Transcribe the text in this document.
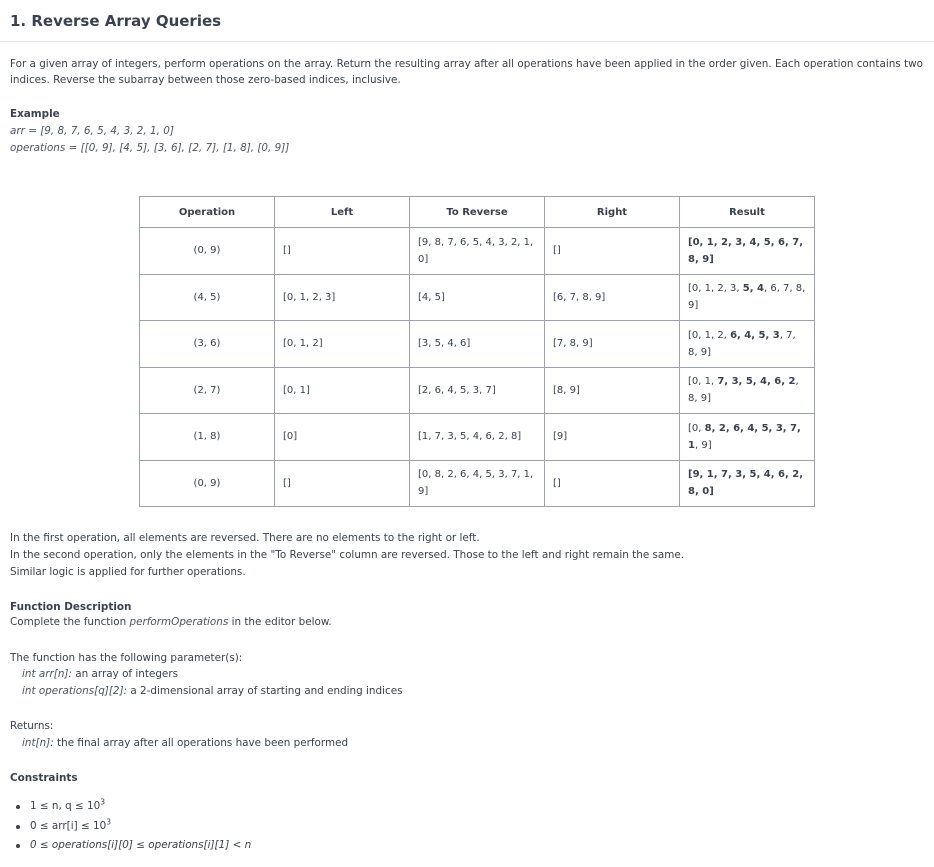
1. Reverse Array Queries

For a given array of integers, perform operations on the array. Return the resulting array after all operations have been applied in the order given. Each operation contains two indices. Reverse the subarray between those zero-based indices, inclusive.

Example

arr = [9, 8, 7, 6, 5, 4, 3, 2, 1, 0]

operations = [[0, 9], [4, 5], [3, 6], [2, 7], [1, 8], [0, 9]]

Operation	Left	To Reverse	Right	Result
(0, 9)	[]	[9, 8, 7, 6, 5, 4, 3, 2, 1, 0]	[]	[0, 1, 2, 3, 4, 5, 6, 7, 8, 9]
(4, 5)	[0, 1, 2, 3]	[4, 5]	[6, 7, 8, 9]	[0, 1, 2, 3, 5, 4, 6, 7, 8, 9]
(3, 6)	[0, 1, 2]	[3, 5, 4, 6]	[7, 8, 9]	[0, 1, 2, 6, 4, 5, 3, 7, 8, 9]
(2, 7)	[0, 1]	[2, 6, 4, 5, 3, 7]	[8, 9]	[0, 1, 7, 3, 5, 4, 6, 2, 8, 9]
(1, 8)	[0]	[1, 7, 3, 5, 4, 6, 2, 8]	[9]	[0, 8, 2, 6, 4, 5, 3, 7, 1, 9]
(0, 9)	[]	[0, 8, 2, 6, 4, 5, 3, 7, 1, 9]	[]	[9, 1, 7, 3, 5, 4, 6, 2, 8, 0]

In the first operation, all elements are reversed. There are no elements to the right or left.

In the second operation, only the elements in the "To Reverse" column are reversed. Those to the left and right remain the same.

Similar logic is applied for further operations.

Function Description

Complete the function performOperations in the editor below.

The function has the following parameter(s):

int arr[n]: an array of integers

int operations[q][2]: a 2-dimensional array of starting and ending indices

Returns:

int[n]: the final array after all operations have been performed

Constraints

1 ≤ n, $q \le 10^3$
$0 \le arr[i] \le 10^3$
0 ≤ operations[i][0] ≤ operations[i][1] < n
